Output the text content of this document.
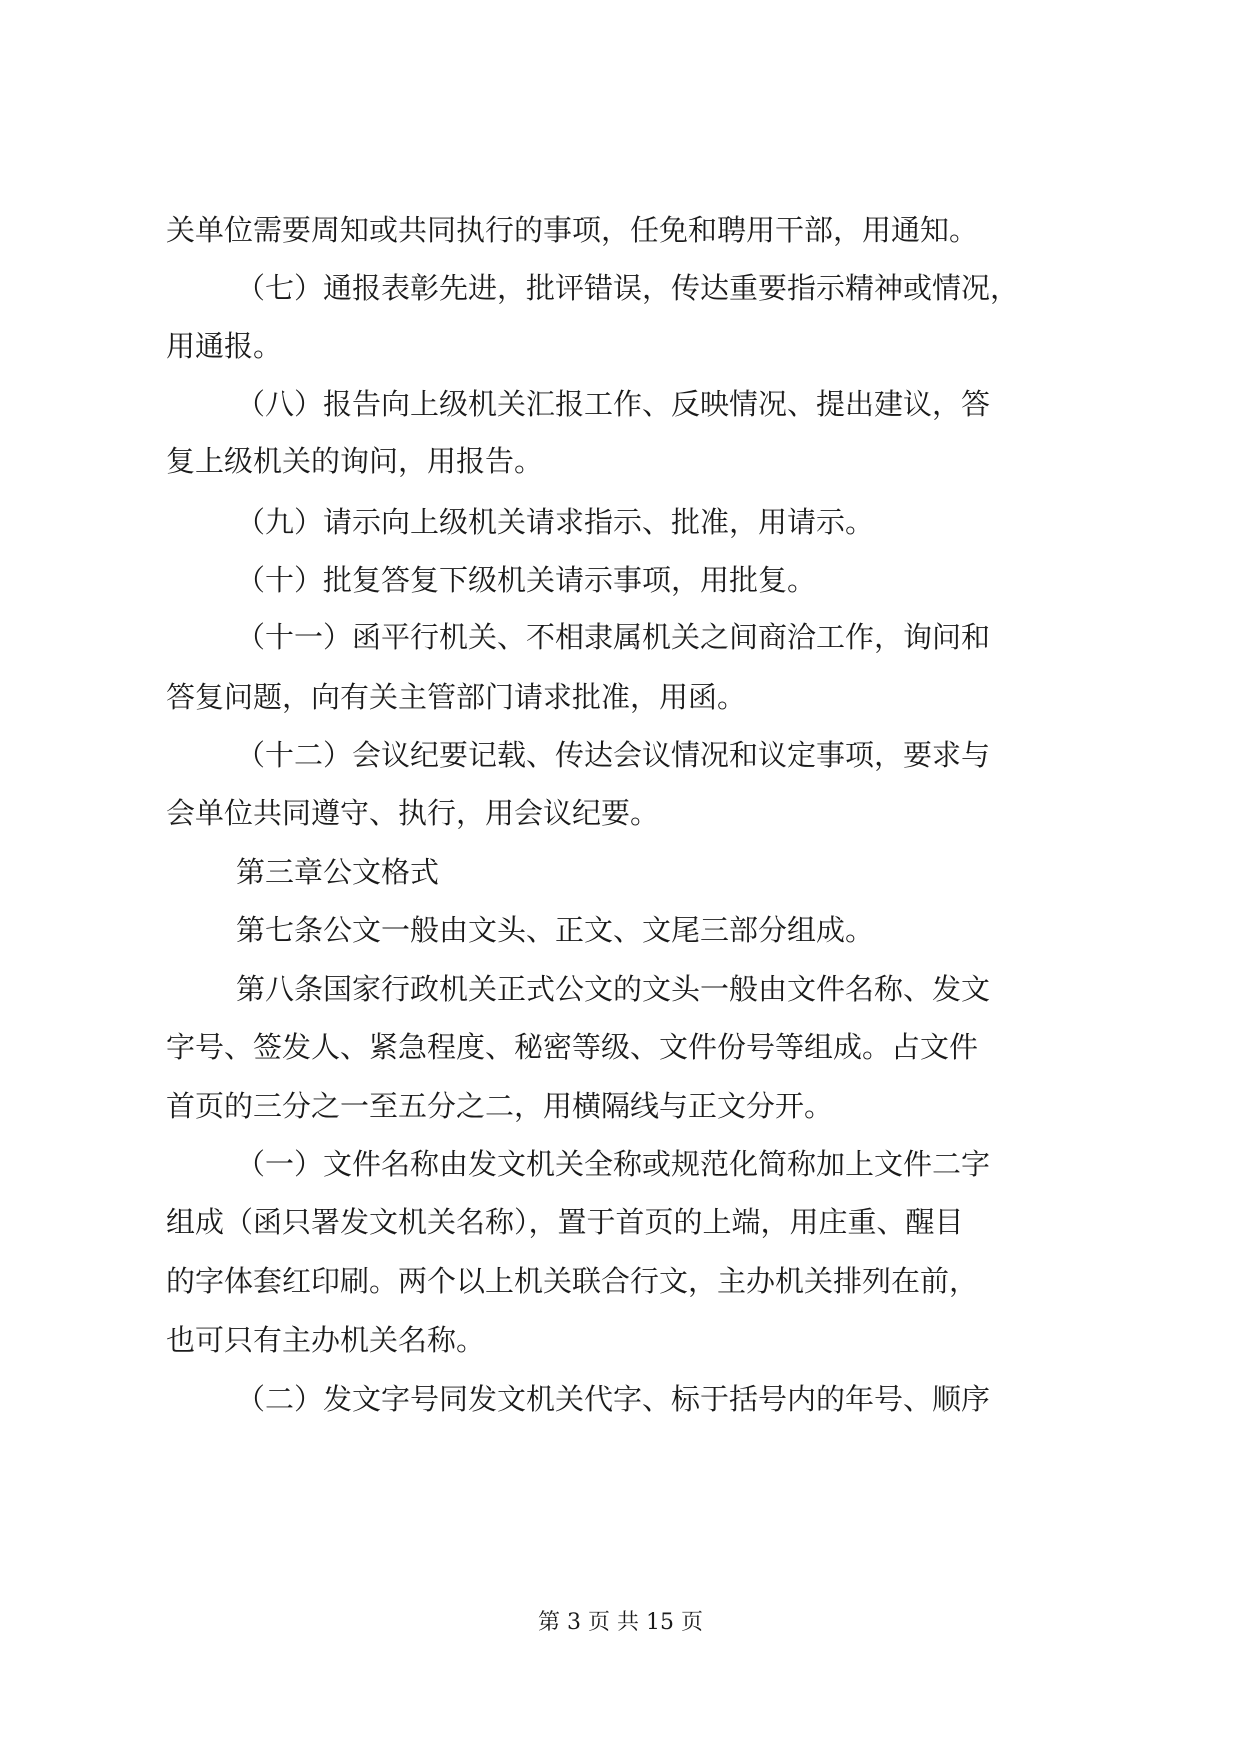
关单位需要周知或共同执行的事项，任免和聘用干部，用通知。
（七）通报表彰先进，批评错误，传达重要指示精神或情况，
用通报。
（八）报告向上级机关汇报工作、反映情况、提出建议，答
复上级机关的询问，用报告。
（九）请示向上级机关请求指示、批准，用请示。
（十）批复答复下级机关请示事项，用批复。
（十一）函平行机关、不相隶属机关之间商洽工作，询问和
答复问题，向有关主管部门请求批准，用函。
（十二）会议纪要记载、传达会议情况和议定事项，要求与
会单位共同遵守、执行，用会议纪要。
第三章公文格式
第七条公文一般由文头、正文、文尾三部分组成。
第八条国家行政机关正式公文的文头一般由文件名称、发文
字号、签发人、紧急程度、秘密等级、文件份号等组成。占文件
首页的三分之一至五分之二，用横隔线与正文分开。
（一）文件名称由发文机关全称或规范化简称加上文件二字
组成（函只署发文机关名称），置于首页的上端，用庄重、醒目
的字体套红印刷。两个以上机关联合行文，主办机关排列在前，
也可只有主办机关名称。
（二）发文字号同发文机关代字、标于括号内的年号、顺序
第 3 页 共 15 页
